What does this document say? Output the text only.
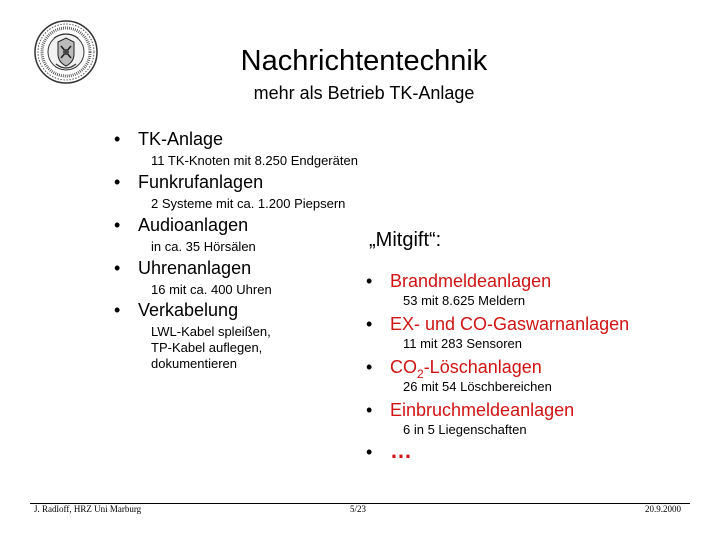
Nachrichtentechnik
mehr als Betrieb TK-Anlage
• TK-Anlage
11 TK-Knoten mit 8.250 Endgeräten
• Funkrufanlagen
2 Systeme mit ca. 1.200 Piepsern
• Audioanlagen
in ca. 35 Hörsälen
• Uhrenanlagen
16 mit ca. 400 Uhren
• Verkabelung
LWL-Kabel spleißen,
TP-Kabel auflegen,
dokumentieren
„Mitgift“:
• Brandmeldeanlagen
53 mit 8.625 Meldern
• EX- und CO-Gaswarnanlagen
11 mit 283 Sensoren
• $CO_2$-Löschanlagen
26 mit 54 Löschbereichen
• Einbruchmeldeanlagen
6 in 5 Liegenschaften
• …
J. Radloff, HRZ Uni Marburg	5/23	20.9.2000
